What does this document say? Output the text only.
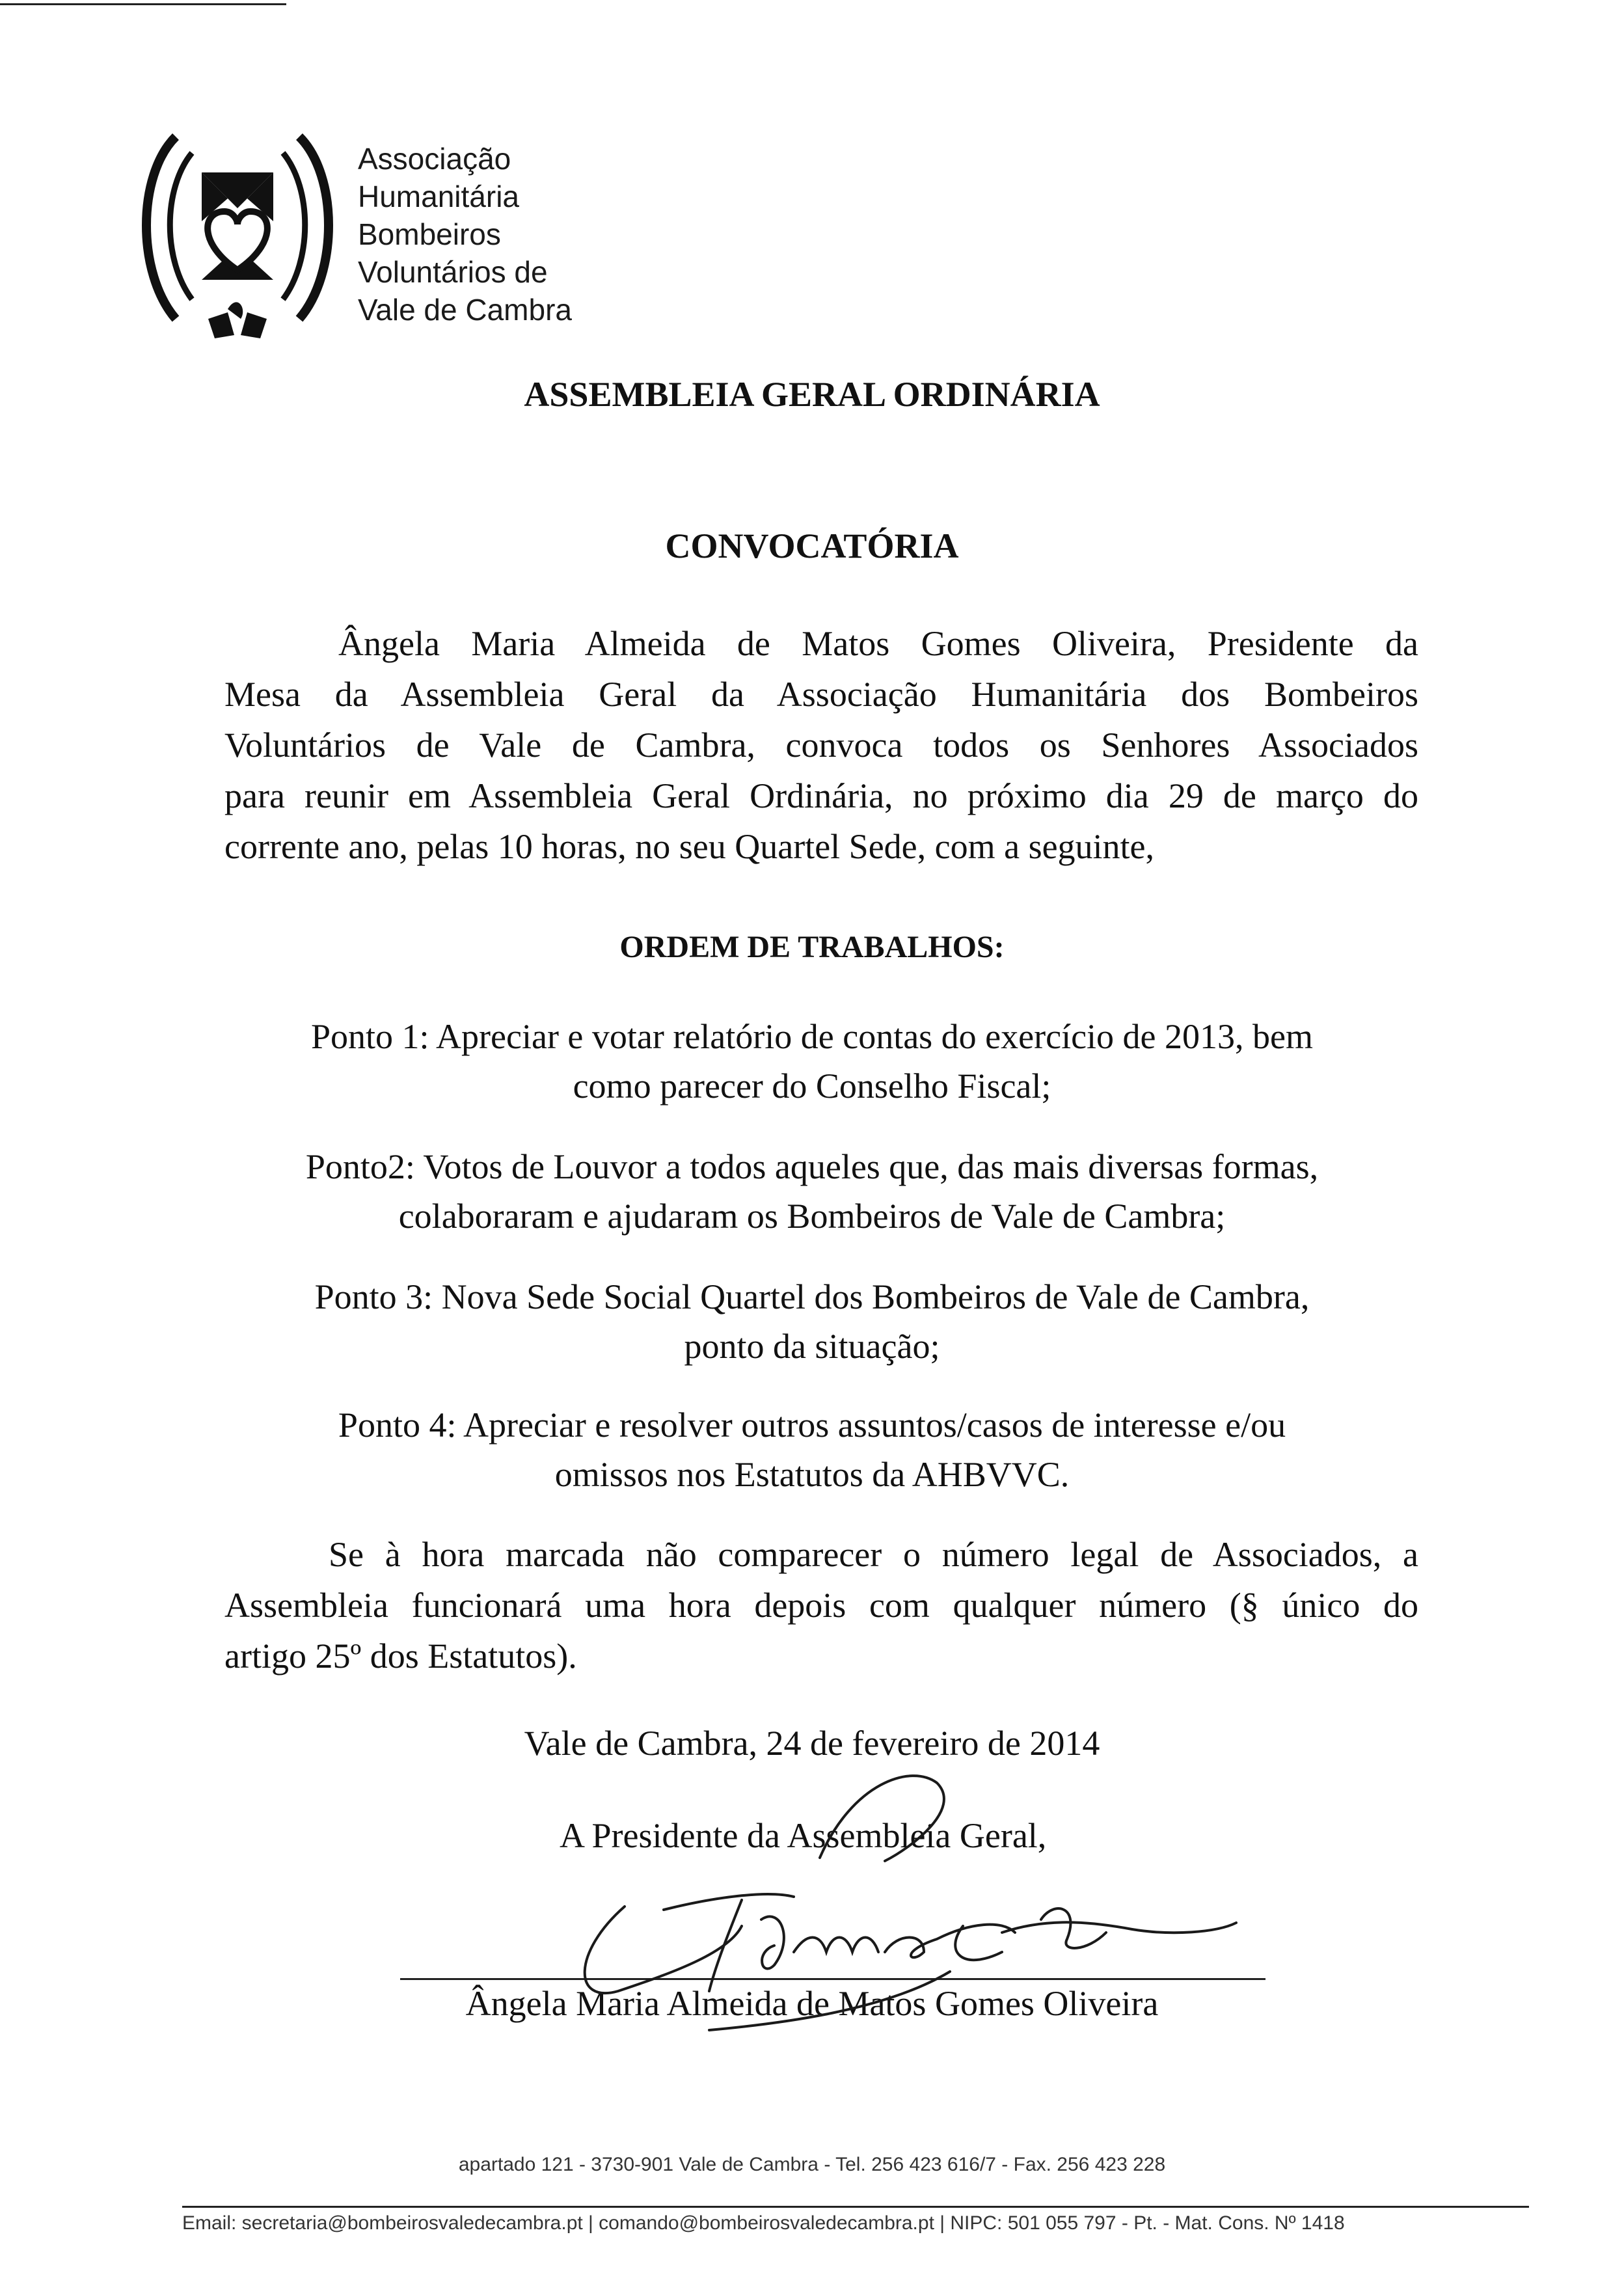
Associação
Humanitária
Bombeiros
Voluntários de
Vale de Cambra
ASSEMBLEIA GERAL ORDINÁRIA
CONVOCATÓRIA
Ângela Maria Almeida de Matos Gomes Oliveira, Presidente da
Mesa da Assembleia Geral da Associação Humanitária dos Bombeiros
Voluntários de Vale de Cambra, convoca todos os Senhores Associados
para reunir em Assembleia Geral Ordinária, no próximo dia 29 de março do
corrente ano, pelas 10 horas, no seu Quartel Sede, com a seguinte,
ORDEM DE TRABALHOS:
Ponto 1: Apreciar e votar relatório de contas do exercício de 2013, bem
como parecer do Conselho Fiscal;
Ponto2: Votos de Louvor a todos aqueles que, das mais diversas formas,
colaboraram e ajudaram os Bombeiros de Vale de Cambra;
Ponto 3: Nova Sede Social Quartel dos Bombeiros de Vale de Cambra,
ponto da situação;
Ponto 4: Apreciar e resolver outros assuntos/casos de interesse e/ou
omissos nos Estatutos da AHBVVC.
Se à hora marcada não comparecer o número legal de Associados, a
Assembleia funcionará uma hora depois com qualquer número (§ único do
artigo 25º dos Estatutos).
Vale de Cambra, 24 de fevereiro de 2014
A Presidente da Assembleia Geral,
Ângela Maria Almeida de Matos Gomes Oliveira
apartado 121 - 3730-901 Vale de Cambra - Tel. 256 423 616/7 - Fax. 256 423 228
Email: secretaria@bombeirosvaledecambra.pt | comando@bombeirosvaledecambra.pt | NIPC: 501 055 797 - Pt. - Mat. Cons. Nº 1418
